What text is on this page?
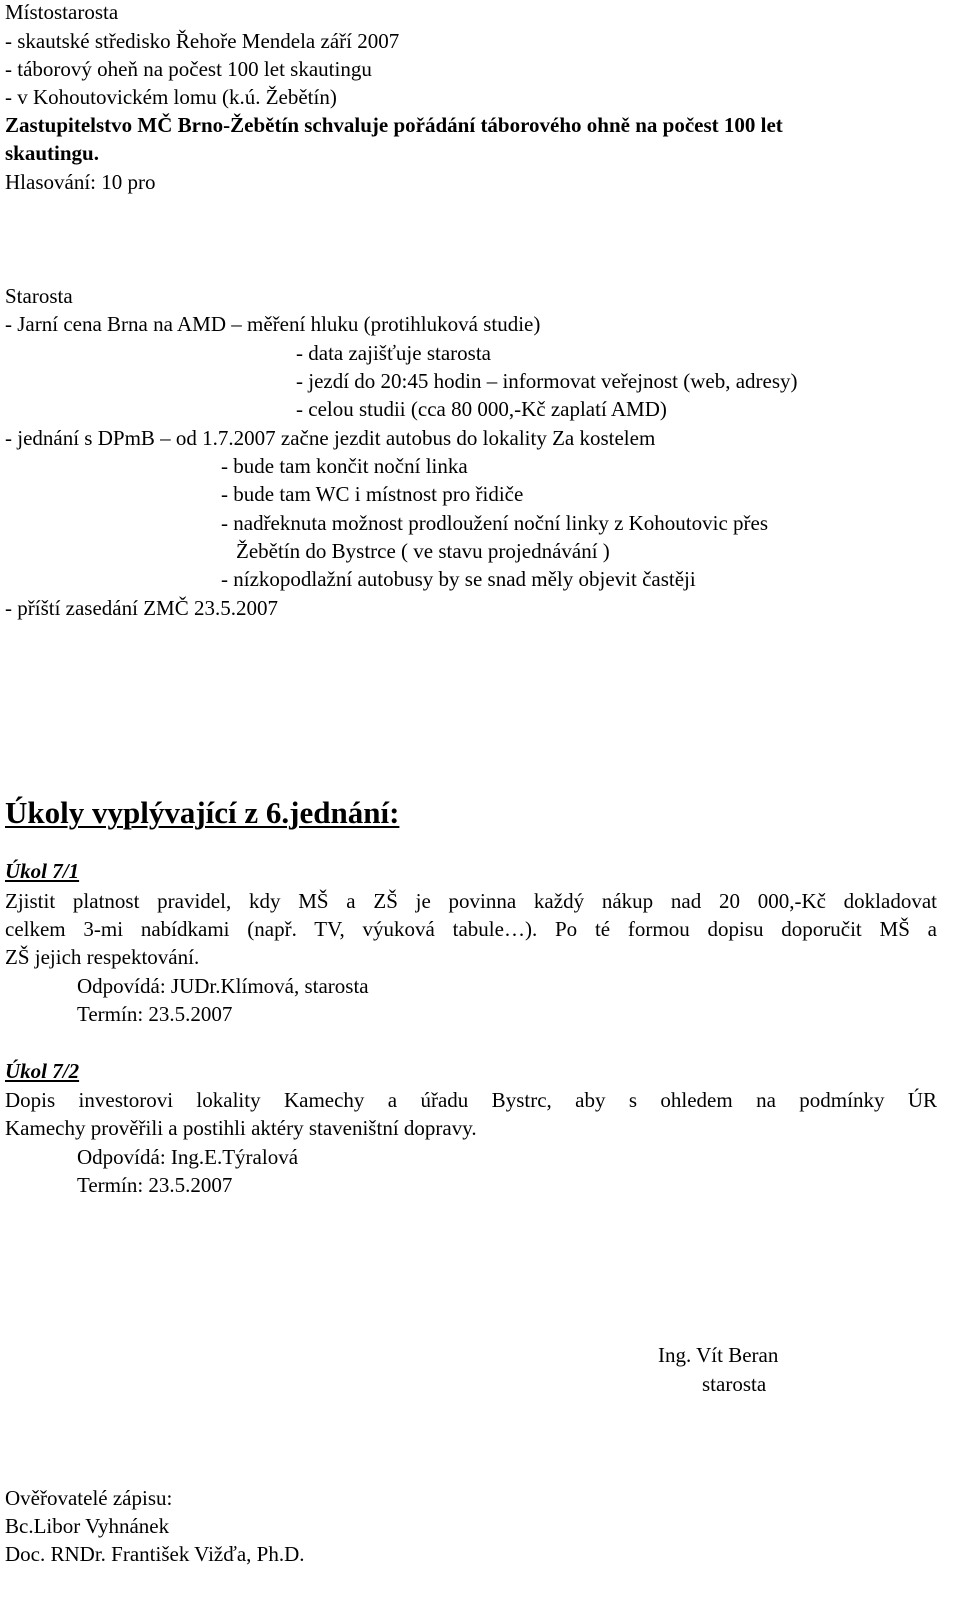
Místostarosta
- skautské středisko Řehoře Mendela září 2007
- táborový oheň na počest 100 let skautingu
- v Kohoutovickém lomu (k.ú. Žebětín)
Zastupitelstvo MČ Brno-Žebětín schvaluje pořádání táborového ohně na počest 100 let
skautingu.
Hlasování: 10 pro
Starosta
- Jarní cena Brna na AMD – měření hluku (protihluková studie)
- data zajišťuje starosta
- jezdí do 20:45 hodin – informovat veřejnost (web, adresy)
- celou studii (cca 80 000,-Kč zaplatí AMD)
- jednání s DPmB – od 1.7.2007 začne jezdit autobus do lokality Za kostelem
- bude tam končit noční linka
- bude tam WC i místnost pro řidiče
- nadřeknuta možnost prodloužení noční linky z Kohoutovic přes
Žebětín do Bystrce ( ve stavu projednávání )
- nízkopodlažní autobusy by se snad měly objevit častěji
- příští zasedání ZMČ 23.5.2007
Úkoly vyplývající z 6.jednání:
Úkol 7/1
Zjistit platnost pravidel, kdy MŠ a ZŠ je povinna každý nákup nad 20 000,-Kč dokladovat
celkem 3-mi nabídkami (např. TV, výuková tabule…). Po té formou dopisu doporučit MŠ a
ZŠ jejich respektování.
Odpovídá: JUDr.Klímová, starosta
Termín: 23.5.2007
Úkol 7/2
Dopis investorovi lokality Kamechy a úřadu Bystrc, aby s ohledem na podmínky ÚR
Kamechy prověřili a postihli aktéry staveništní dopravy.
Odpovídá: Ing.E.Týralová
Termín: 23.5.2007
Ing. Vít Beran
starosta
Ověřovatelé zápisu:
Bc.Libor Vyhnánek
Doc. RNDr. František Vižďa, Ph.D.
